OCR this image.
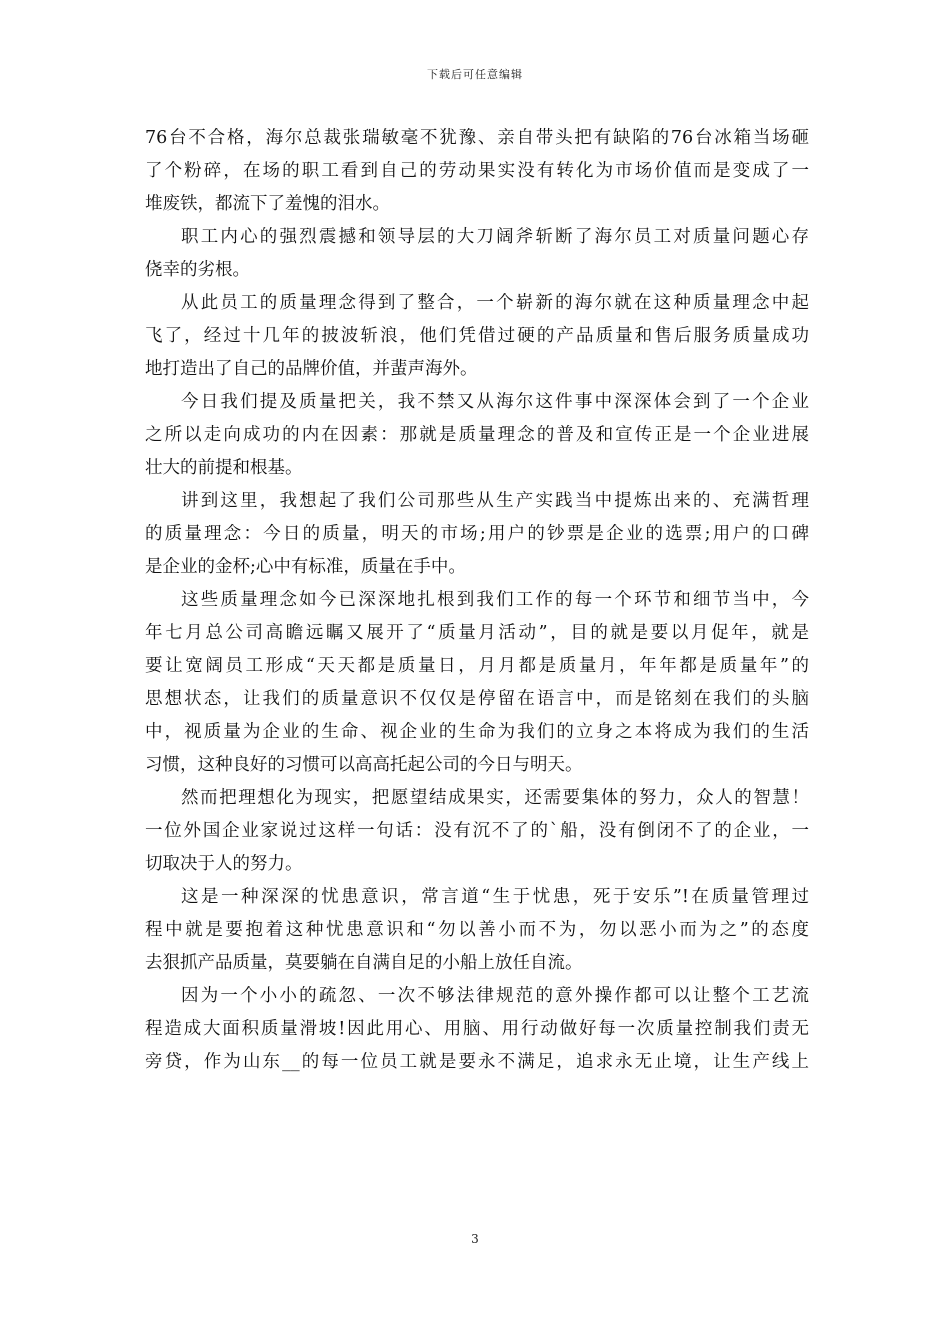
下载后可任意编辑
76台不合格，海尔总裁张瑞敏毫不犹豫、亲自带头把有缺陷的76台冰箱当场砸
了个粉碎，在场的职工看到自己的劳动果实没有转化为市场价值而是变成了一
堆废铁，都流下了羞愧的泪水。
职工内心的强烈震撼和领导层的大刀阔斧斩断了海尔员工对质量问题心存
侥幸的劣根。
从此员工的质量理念得到了整合，一个崭新的海尔就在这种质量理念中起
飞了，经过十几年的披波斩浪，他们凭借过硬的产品质量和售后服务质量成功
地打造出了自己的品牌价值，并蜚声海外。
今日我们提及质量把关，我不禁又从海尔这件事中深深体会到了一个企业
之所以走向成功的内在因素：那就是质量理念的普及和宣传正是一个企业进展
壮大的前提和根基。
讲到这里，我想起了我们公司那些从生产实践当中提炼出来的、充满哲理
的质量理念：今日的质量，明天的市场;用户的钞票是企业的选票;用户的口碑
是企业的金杯;心中有标准，质量在手中。
这些质量理念如今已深深地扎根到我们工作的每一个环节和细节当中，今
年七月总公司高瞻远瞩又展开了“质量月活动”，目的就是要以月促年，就是
要让宽阔员工形成“天天都是质量日，月月都是质量月，年年都是质量年”的
思想状态，让我们的质量意识不仅仅是停留在语言中，而是铭刻在我们的头脑
中，视质量为企业的生命、视企业的生命为我们的立身之本将成为我们的生活
习惯，这种良好的习惯可以高高托起公司的今日与明天。
然而把理想化为现实，把愿望结成果实，还需要集体的努力，众人的智慧！
一位外国企业家说过这样一句话：没有沉不了的`船，没有倒闭不了的企业，一
切取决于人的努力。
这是一种深深的忧患意识，常言道“生于忧患，死于安乐”!在质量管理过
程中就是要抱着这种忧患意识和“勿以善小而不为，勿以恶小而为之”的态度
去狠抓产品质量，莫要躺在自满自足的小船上放任自流。
因为一个小小的疏忽、一次不够法律规范的意外操作都可以让整个工艺流
程造成大面积质量滑坡!因此用心、用脑、用行动做好每一次质量控制我们责无
旁贷，作为山东__的每一位员工就是要永不满足，追求永无止境，让生产线上
3
